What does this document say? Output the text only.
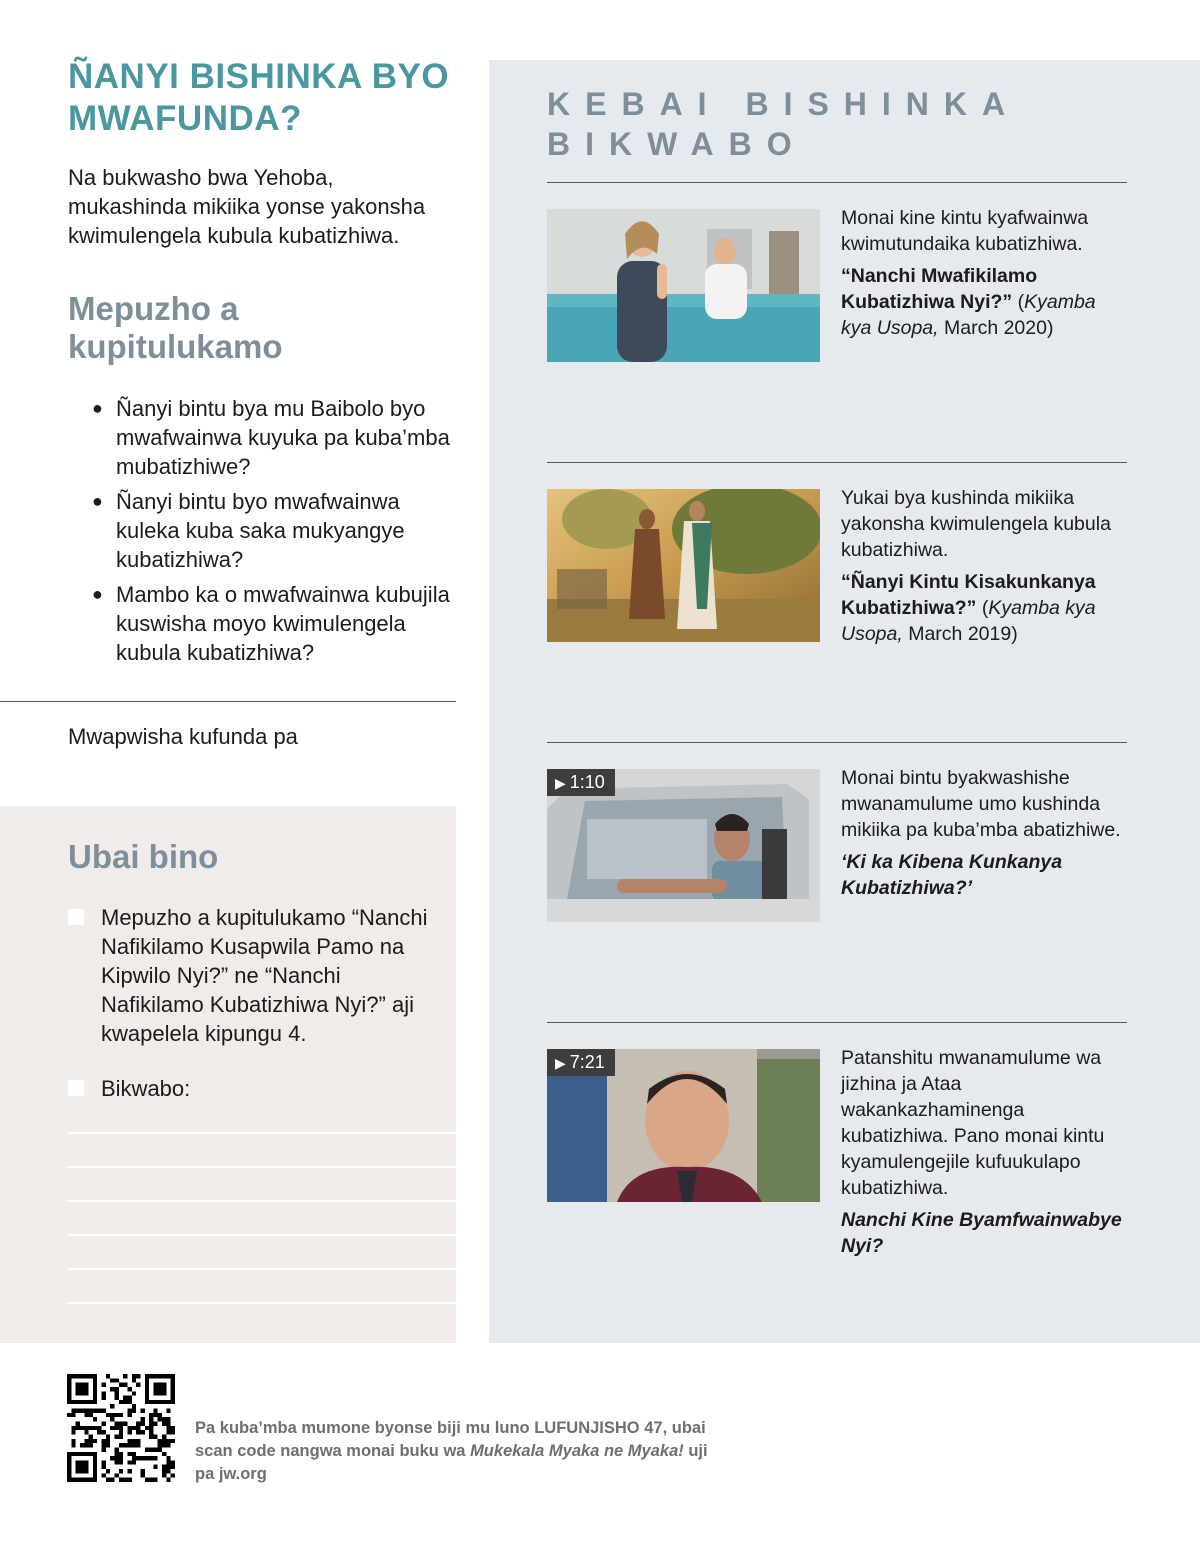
ÑANYI BISHINKA BYO MWAFUNDA?

Na bukwasho bwa Yehoba, mukashinda mikiika yonse yakonsha kwimulengela kubula kubatizhiwa.

Mepuzho a kupitulukamo
● Ñanyi bintu bya mu Baibolo byo mwafwainwa kuyuka pa kuba’mba mubatizhiwe?
● Ñanyi bintu byo mwafwainwa kuleka kuba saka mukyangye kubatizhiwa?
● Mambo ka o mwafwainwa kubujila kuswisha moyo kwimulengela kubula kubatizhiwa?

Mwapwisha kufunda pa

Ubai bino
Mepuzho a kupitulukamo “Nanchi Nafikilamo Kusapwila Pamo na Kipwilo Nyi?” ne “Nanchi Nafikilamo Kubatizhiwa Nyi?” aji kwapelela kipungu 4.
Bikwabo:
KEBAI BISHINKA BIKWABO

Monai kine kintu kyafwainwa kwimutundaika kubatizhiwa.

“Nanchi Mwafikilamo Kubatizhiwa Nyi?” (Kyamba kya Usopa, March 2020)

Yukai bya kushinda mikiika yakonsha kwimulengela kubula kubatizhiwa.

“Ñanyi Kintu Kisakunkanya Kubatizhiwa?” (Kyamba kya Usopa, March 2019)

▶ 1:10	Monai bintu byakwashishe mwanamulume umo kushinda mikiika pa kuba’mba abatizhiwe.

‘Ki ka Kibena Kunkanya Kubatizhiwa?’

▶ 7:21	Patanshitu mwanamulume wa jizhina ja Ataa wakankazhaminenga kubatizhiwa. Pano monai kintu kyamulengejile kufuukulapo kubatizhiwa.

Nanchi Kine Byamfwainwabye Nyi?

Pa kuba’mba mumone byonse biji mu luno LUFUNJISHO 47, ubai scan code nangwa monai buku wa Mukekala Myaka ne Myaka! uji pa jw.org
